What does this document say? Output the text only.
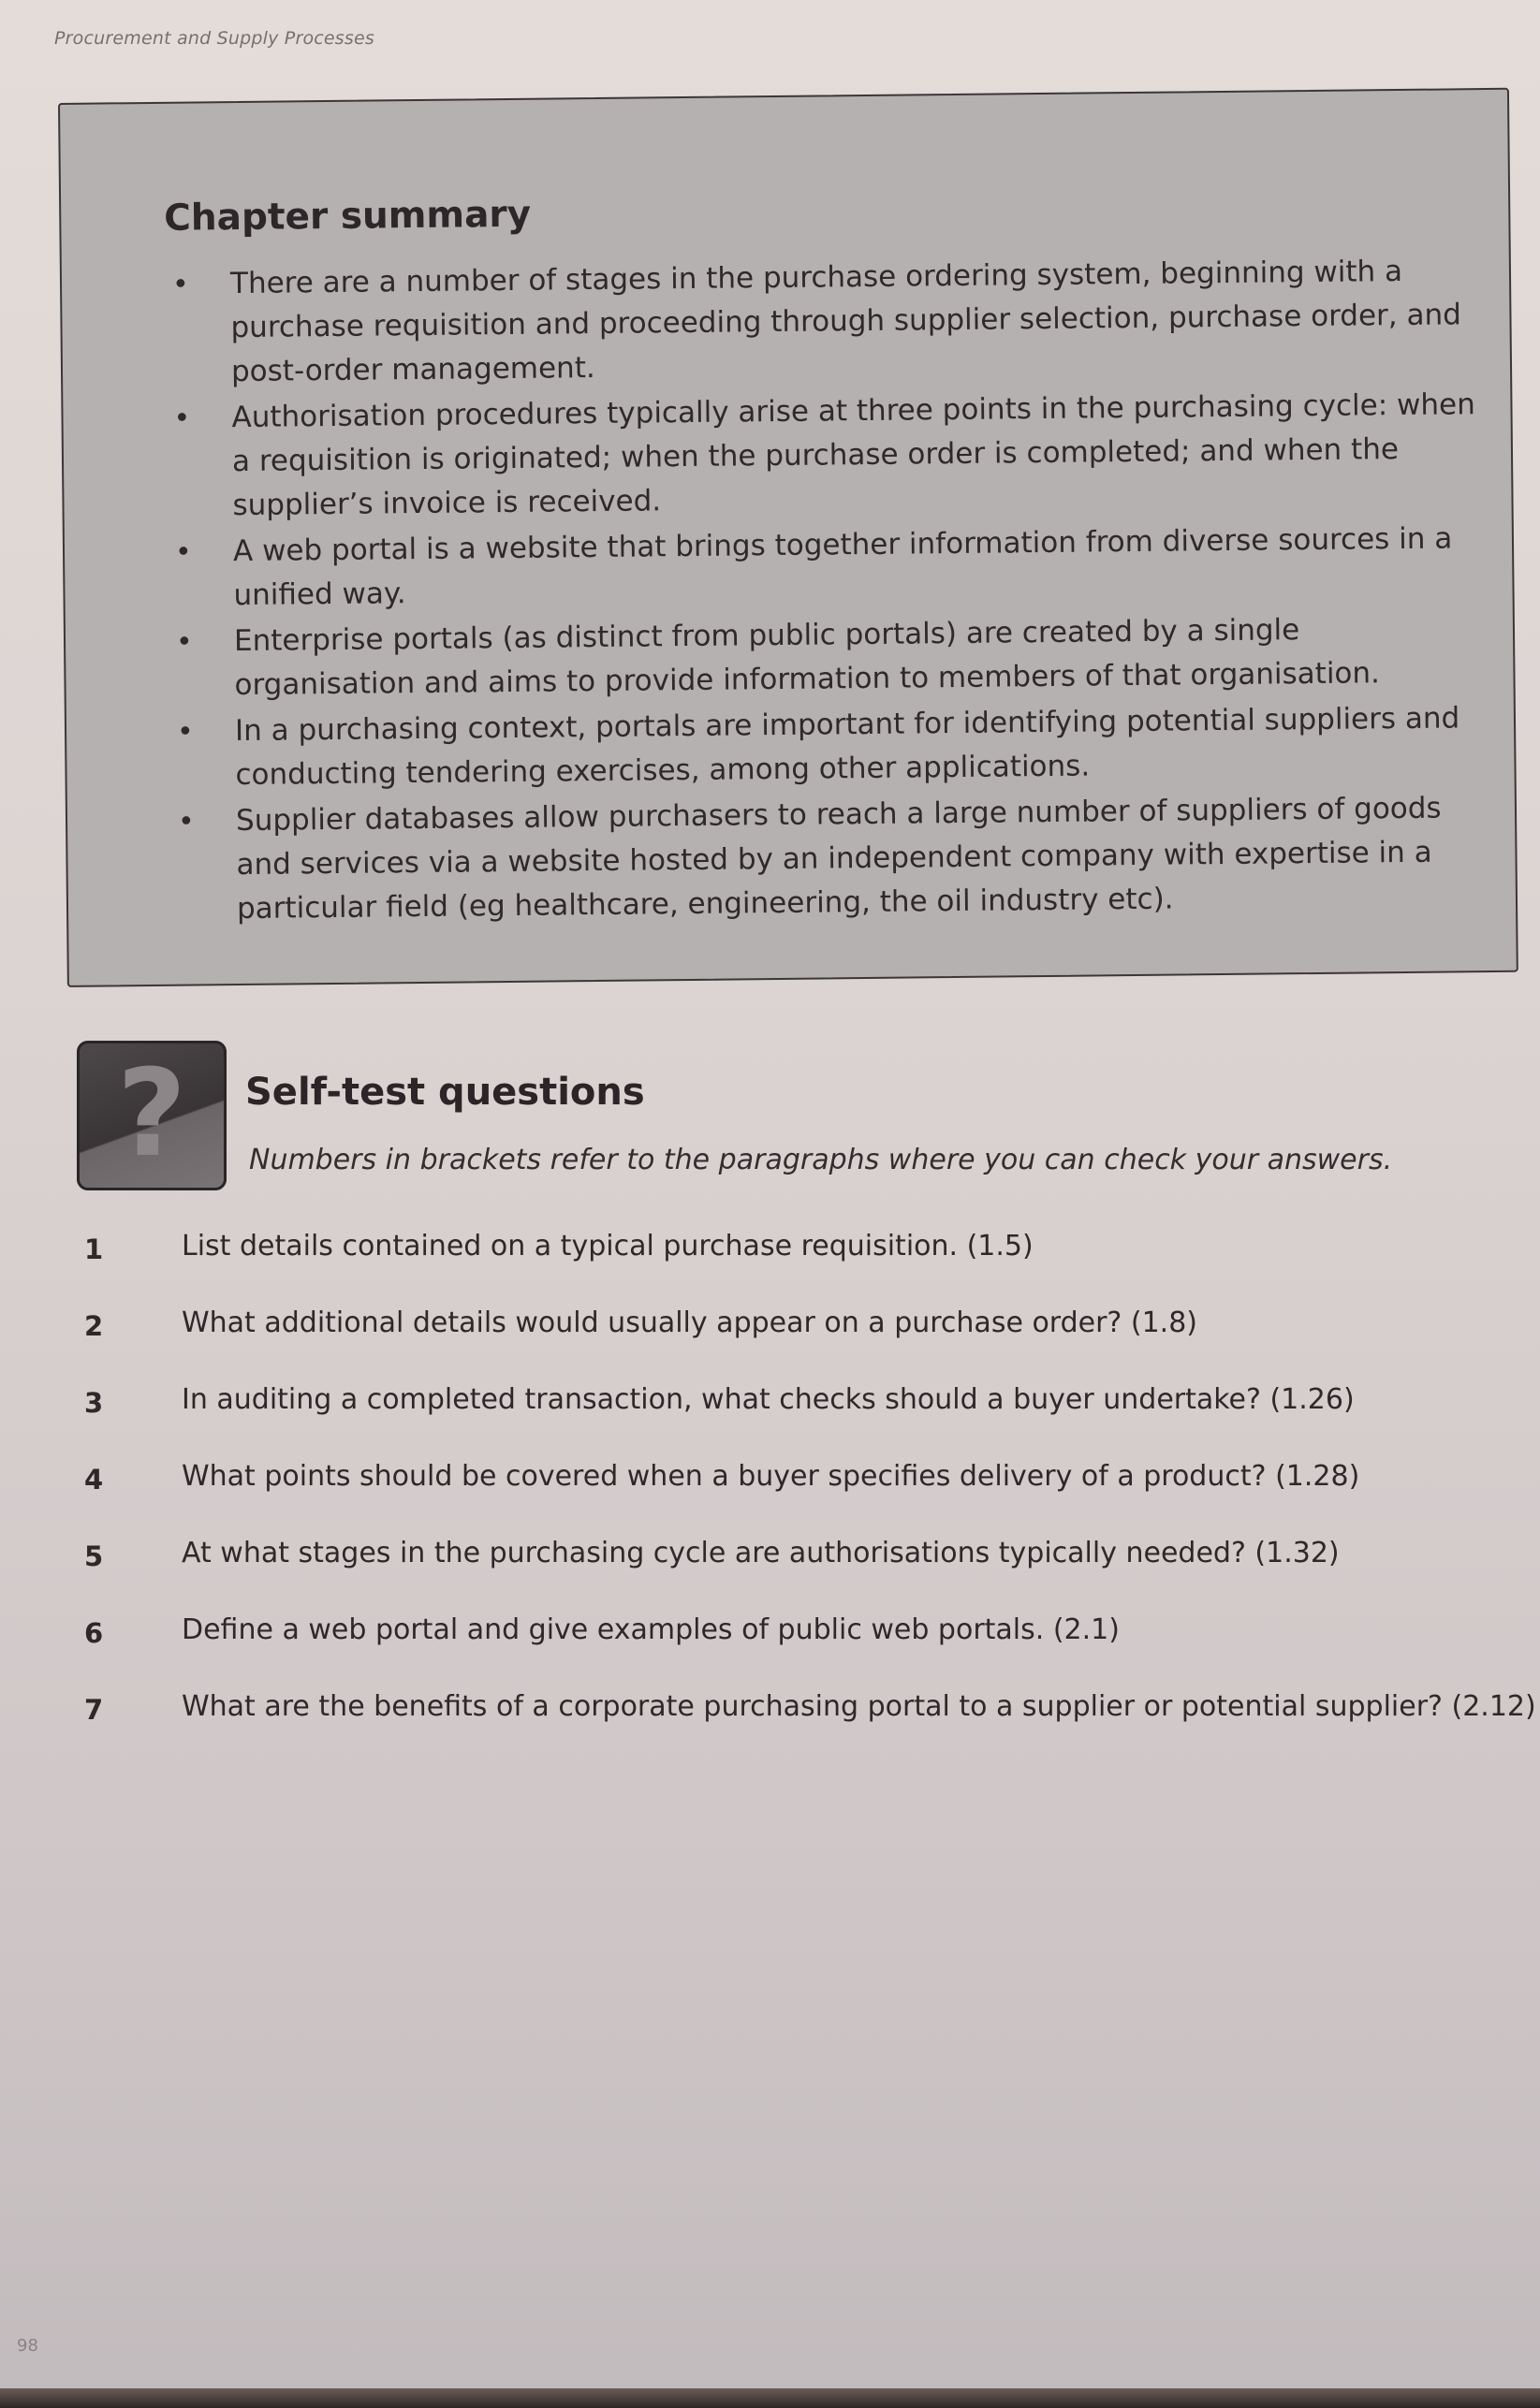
Procurement and Supply Processes
Chapter summary
• There are a number of stages in the purchase ordering system, beginning with a purchase requisition and proceeding through supplier selection, purchase order, and post-order management.
• Authorisation procedures typically arise at three points in the purchasing cycle: when a requisition is originated; when the purchase order is completed; and when the supplier’s invoice is received.
• A web portal is a website that brings together information from diverse sources in a unified way.
• Enterprise portals (as distinct from public portals) are created by a single organisation and aims to provide information to members of that organisation.
• In a purchasing context, portals are important for identifying potential suppliers and conducting tendering exercises, among other applications.
• Supplier databases allow purchasers to reach a large number of suppliers of goods and services via a website hosted by an independent company with expertise in a particular field (eg healthcare, engineering, the oil industry etc).
?	Self-test questions
Numbers in brackets refer to the paragraphs where you can check your answers.
1	List details contained on a typical purchase requisition. (1.5)
2	What additional details would usually appear on a purchase order? (1.8)
3	In auditing a completed transaction, what checks should a buyer undertake? (1.26)
4	What points should be covered when a buyer specifies delivery of a product? (1.28)
5	At what stages in the purchasing cycle are authorisations typically needed? (1.32)
6	Define a web portal and give examples of public web portals. (2.1)
7	What are the benefits of a corporate purchasing portal to a supplier or potential supplier? (2.12)
98
